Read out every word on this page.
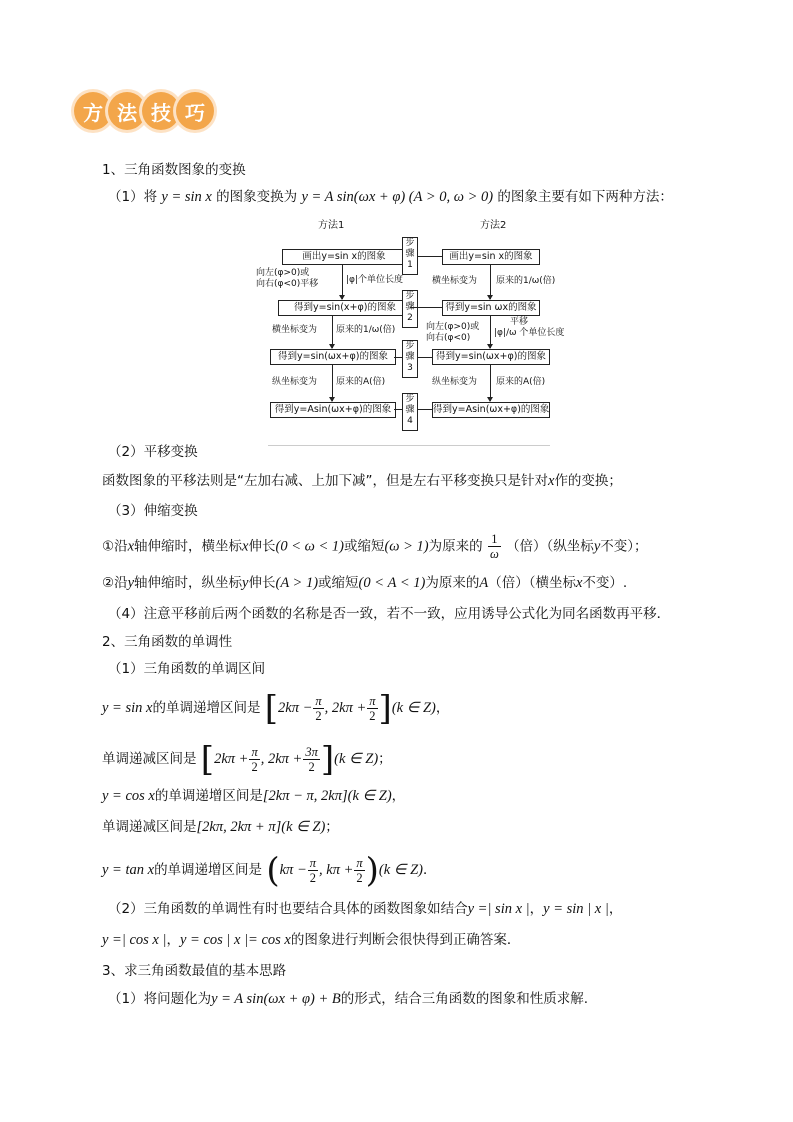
方 法 技 巧
1、三角函数图象的变换
（1）将 y = sin x 的图象变换为 y = A sin(ωx + φ) (A > 0, ω > 0) 的图象主要有如下两种方法：
方法1	方法2
画出y=sin x的图象
得到y=sin(x+φ)的图象
得到y=sin(ωx+φ)的图象
得到y=Asin(ωx+φ)的图象
向左(φ>0)或
向右(φ<0)平移	|φ|个单位长度
横坐标变为 原来的1/ω(倍)
纵坐标变为 原来的A(倍)
步骤1
步骤2
步骤3
步骤4
画出y=sin x的图象
得到y=sin ωx的图象
得到y=sin(ωx+φ)的图象
得到y=Asin(ωx+φ)的图象
横坐标变为 原来的1/ω(倍)
向左(φ>0)或
向右(φ<0)
平移
|φ|/ω 个单位长度
纵坐标变为 原来的A(倍)
（2）平移变换
函数图象的平移法则是“左加右减、上加下减”，但是左右平移变换只是针对x作的变换；
（3）伸缩变换
①沿x轴伸缩时，横坐标x伸长(0 < ω < 1)或缩短(ω > 1)为原来的 $\frac{1}{\omega}$ （倍）（纵坐标y不变）；
②沿y轴伸缩时，纵坐标y伸长(A > 1)或缩短(0 < A < 1)为原来的A（倍）（横坐标x不变）.
（4）注意平移前后两个函数的名称是否一致，若不一致，应用诱导公式化为同名函数再平移．
2、三角函数的单调性
（1）三角函数的单调区间
y = sin x的单调递增区间是 [$2k\pi - \frac{\pi}{2}$ , $2k\pi + \frac{\pi}{2} ](k$ ∈ Z)，
单调递减区间是 [$2k\pi + \frac{\pi}{2}$ , $2k\pi + \frac{3\pi}{2} ](k$ ∈ Z)；
y = cos x的单调递增区间是[2kπ − π, 2kπ](k ∈ Z)，
单调递减区间是[2kπ, 2kπ + π](k ∈ Z)；
y = tan x的单调递增区间是 ($k\pi - \frac{\pi}{2}$ , $k\pi + \frac{\pi}{2} )(k$ ∈ Z)．
（2）三角函数的单调性有时也要结合具体的函数图象如结合y =| sin x |，y = sin | x |，
y =| cos x |，y = cos | x |= cos x的图象进行判断会很快得到正确答案．
3、求三角函数最值的基本思路
（1）将问题化为y = A sin(ωx + φ) + B的形式，结合三角函数的图象和性质求解.
